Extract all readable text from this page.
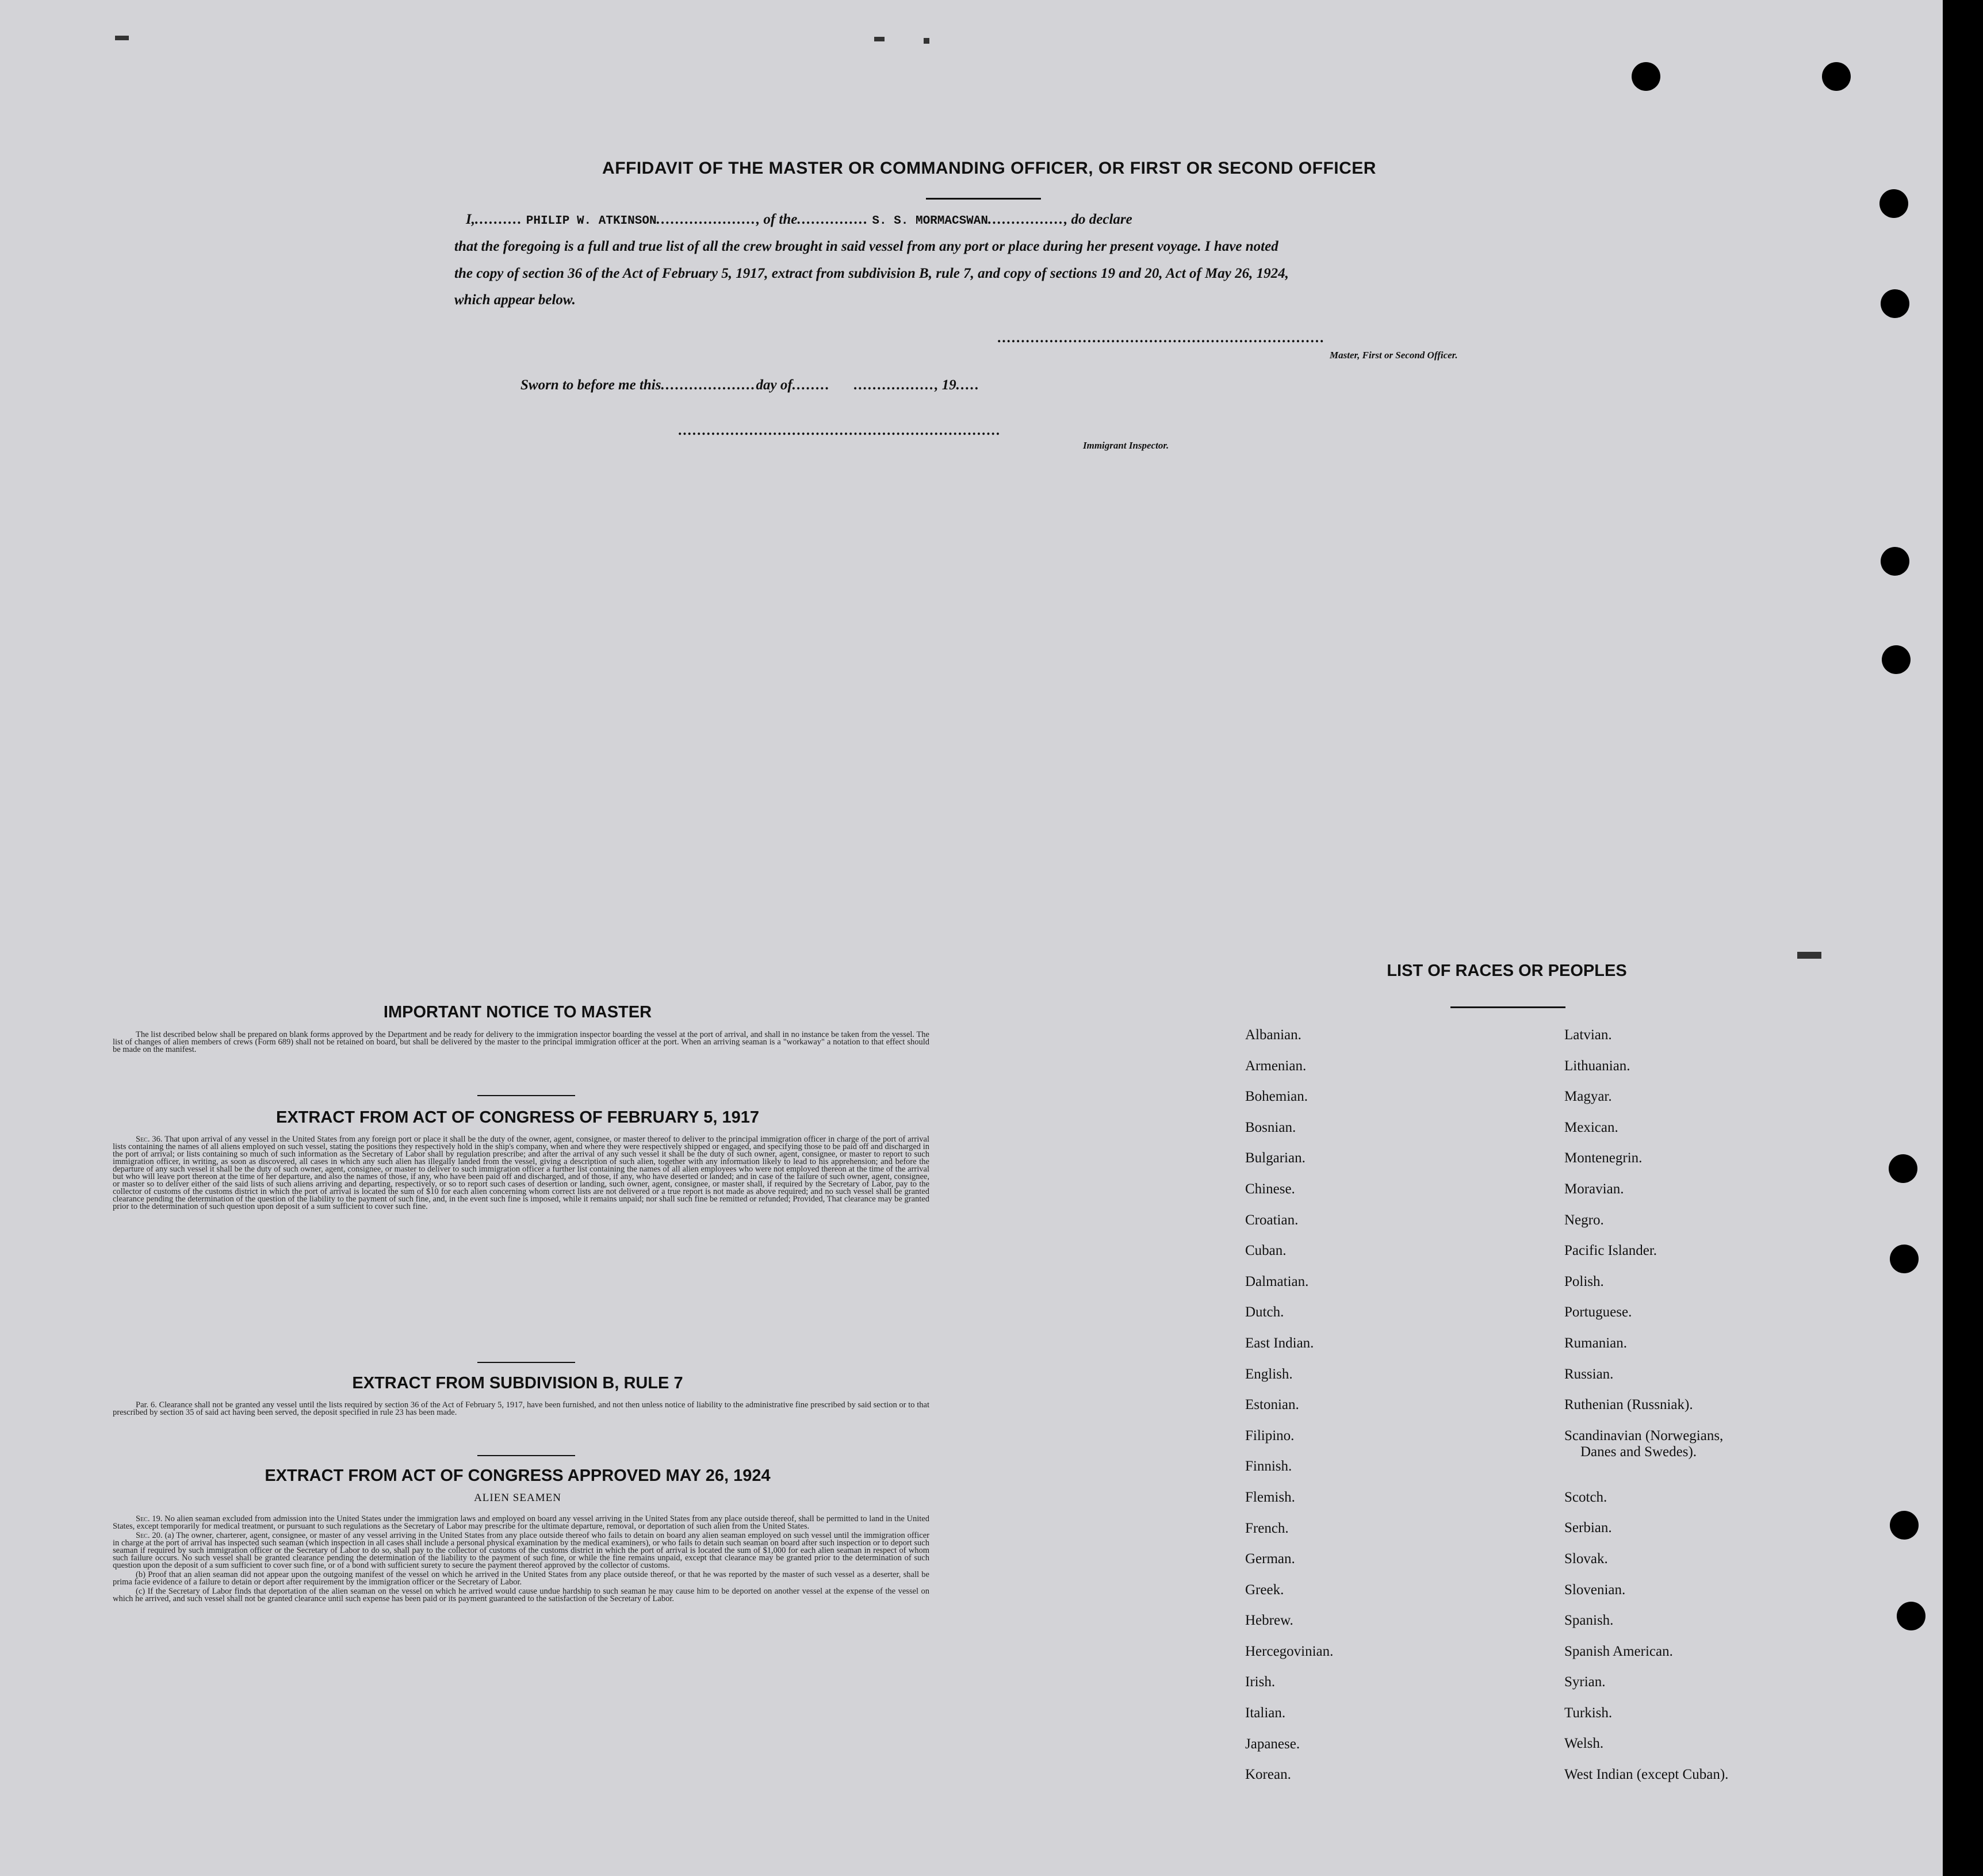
AFFIDAVIT OF THE MASTER OR COMMANDING OFFICER, OR FIRST OR SECOND OFFICER
I,.......... PHILIP W. ATKINSON....................., of the............... S. S. MORMACSWAN................, do declare
that the foregoing is a full and true list of all the crew brought in said vessel from any port or place during her present voyage. I have noted
the copy of section 36 of the Act of February 5, 1917, extract from subdivision B, rule 7, and copy of sections 19 and 20, Act of May 26, 1924,
which appear below.
.....................................................................
Master, First or Second Officer.
Sworn to before me this....................day of........     ................., 19.....
....................................................................
Immigrant Inspector.
IMPORTANT NOTICE TO MASTER

The list described below shall be prepared on blank forms approved by the Department and be ready for delivery to the immigration inspector boarding the vessel at the port of arrival, and shall in no instance be taken from the vessel. The list of changes of alien members of crews (Form 689) shall not be retained on board, but shall be delivered by the master to the principal immigration officer at the port. When an arriving seaman is a "workaway" a notation to that effect should be made on the manifest.

EXTRACT FROM ACT OF CONGRESS OF FEBRUARY 5, 1917

Sec. 36. That upon arrival of any vessel in the United States from any foreign port or place it shall be the duty of the owner, agent, consignee, or master thereof to deliver to the principal immigration officer in charge of the port of arrival lists containing the names of all aliens employed on such vessel, stating the positions they respectively hold in the ship's company, when and where they were respectively shipped or engaged, and specifying those to be paid off and discharged in the port of arrival; or lists containing so much of such information as the Secretary of Labor shall by regulation prescribe; and after the arrival of any such vessel it shall be the duty of such owner, agent, consignee, or master to report to such immigration officer, in writing, as soon as discovered, all cases in which any such alien has illegally landed from the vessel, giving a description of such alien, together with any information likely to lead to his apprehension; and before the departure of any such vessel it shall be the duty of such owner, agent, consignee, or master to deliver to such immigration officer a further list containing the names of all alien employees who were not employed thereon at the time of the arrival but who will leave port thereon at the time of her departure, and also the names of those, if any, who have been paid off and discharged, and of those, if any, who have deserted or landed; and in case of the failure of such owner, agent, consignee, or master so to deliver either of the said lists of such aliens arriving and departing, respectively, or so to report such cases of desertion or landing, such owner, agent, consignee, or master shall, if required by the Secretary of Labor, pay to the collector of customs of the customs district in which the port of arrival is located the sum of $10 for each alien concerning whom correct lists are not delivered or a true report is not made as above required; and no such vessel shall be granted clearance pending the determination of the question of the liability to the payment of such fine, and, in the event such fine is imposed, while it remains unpaid; nor shall such fine be remitted or refunded; Provided, That clearance may be granted prior to the determination of such question upon deposit of a sum sufficient to cover such fine.

EXTRACT FROM SUBDIVISION B, RULE 7

Par. 6. Clearance shall not be granted any vessel until the lists required by section 36 of the Act of February 5, 1917, have been furnished, and not then unless notice of liability to the administrative fine prescribed by said section or to that prescribed by section 35 of said act having been served, the deposit specified in rule 23 has been made.

EXTRACT FROM ACT OF CONGRESS APPROVED MAY 26, 1924
ALIEN SEAMEN

Sec. 19. No alien seaman excluded from admission into the United States under the immigration laws and employed on board any vessel arriving in the United States from any place outside thereof, shall be permitted to land in the United States, except temporarily for medical treatment, or pursuant to such regulations as the Secretary of Labor may prescribe for the ultimate departure, removal, or deportation of such alien from the United States.

Sec. 20. (a) The owner, charterer, agent, consignee, or master of any vessel arriving in the United States from any place outside thereof who fails to detain on board any alien seaman employed on such vessel until the immigration officer in charge at the port of arrival has inspected such seaman (which inspection in all cases shall include a personal physical examination by the medical examiners), or who fails to detain such seaman on board after such inspection or to deport such seaman if required by such immigration officer or the Secretary of Labor to do so, shall pay to the collector of customs of the customs district in which the port of arrival is located the sum of $1,000 for each alien seaman in respect of whom such failure occurs. No such vessel shall be granted clearance pending the determination of the liability to the payment of such fine, or while the fine remains unpaid, except that clearance may be granted prior to the determination of such question upon the deposit of a sum sufficient to cover such fine, or of a bond with sufficient surety to secure the payment thereof approved by the collector of customs.

(b) Proof that an alien seaman did not appear upon the outgoing manifest of the vessel on which he arrived in the United States from any place outside thereof, or that he was reported by the master of such vessel as a deserter, shall be prima facie evidence of a failure to detain or deport after requirement by the immigration officer or the Secretary of Labor.

(c) If the Secretary of Labor finds that deportation of the alien seaman on the vessel on which he arrived would cause undue hardship to such seaman he may cause him to be deported on another vessel at the expense of the vessel on which he arrived, and such vessel shall not be granted clearance until such expense has been paid or its payment guaranteed to the satisfaction of the Secretary of Labor.

LIST OF RACES OR PEOPLES
Albanian.
Armenian.
Bohemian.
Bosnian.
Bulgarian.
Chinese.
Croatian.
Cuban.
Dalmatian.
Dutch.
East Indian.
English.
Estonian.
Filipino.
Finnish.
Flemish.
French.
German.
Greek.
Hebrew.
Hercegovinian.
Irish.
Italian.
Japanese.
Korean.
Latvian.
Lithuanian.
Magyar.
Mexican.
Montenegrin.
Moravian.
Negro.
Pacific Islander.
Polish.
Portuguese.
Rumanian.
Russian.
Ruthenian (Russniak).
Scandinavian (Norwegians,
Danes and Swedes).
Scotch.
Serbian.
Slovak.
Slovenian.
Spanish.
Spanish American.
Syrian.
Turkish.
Welsh.
West Indian (except Cuban).
